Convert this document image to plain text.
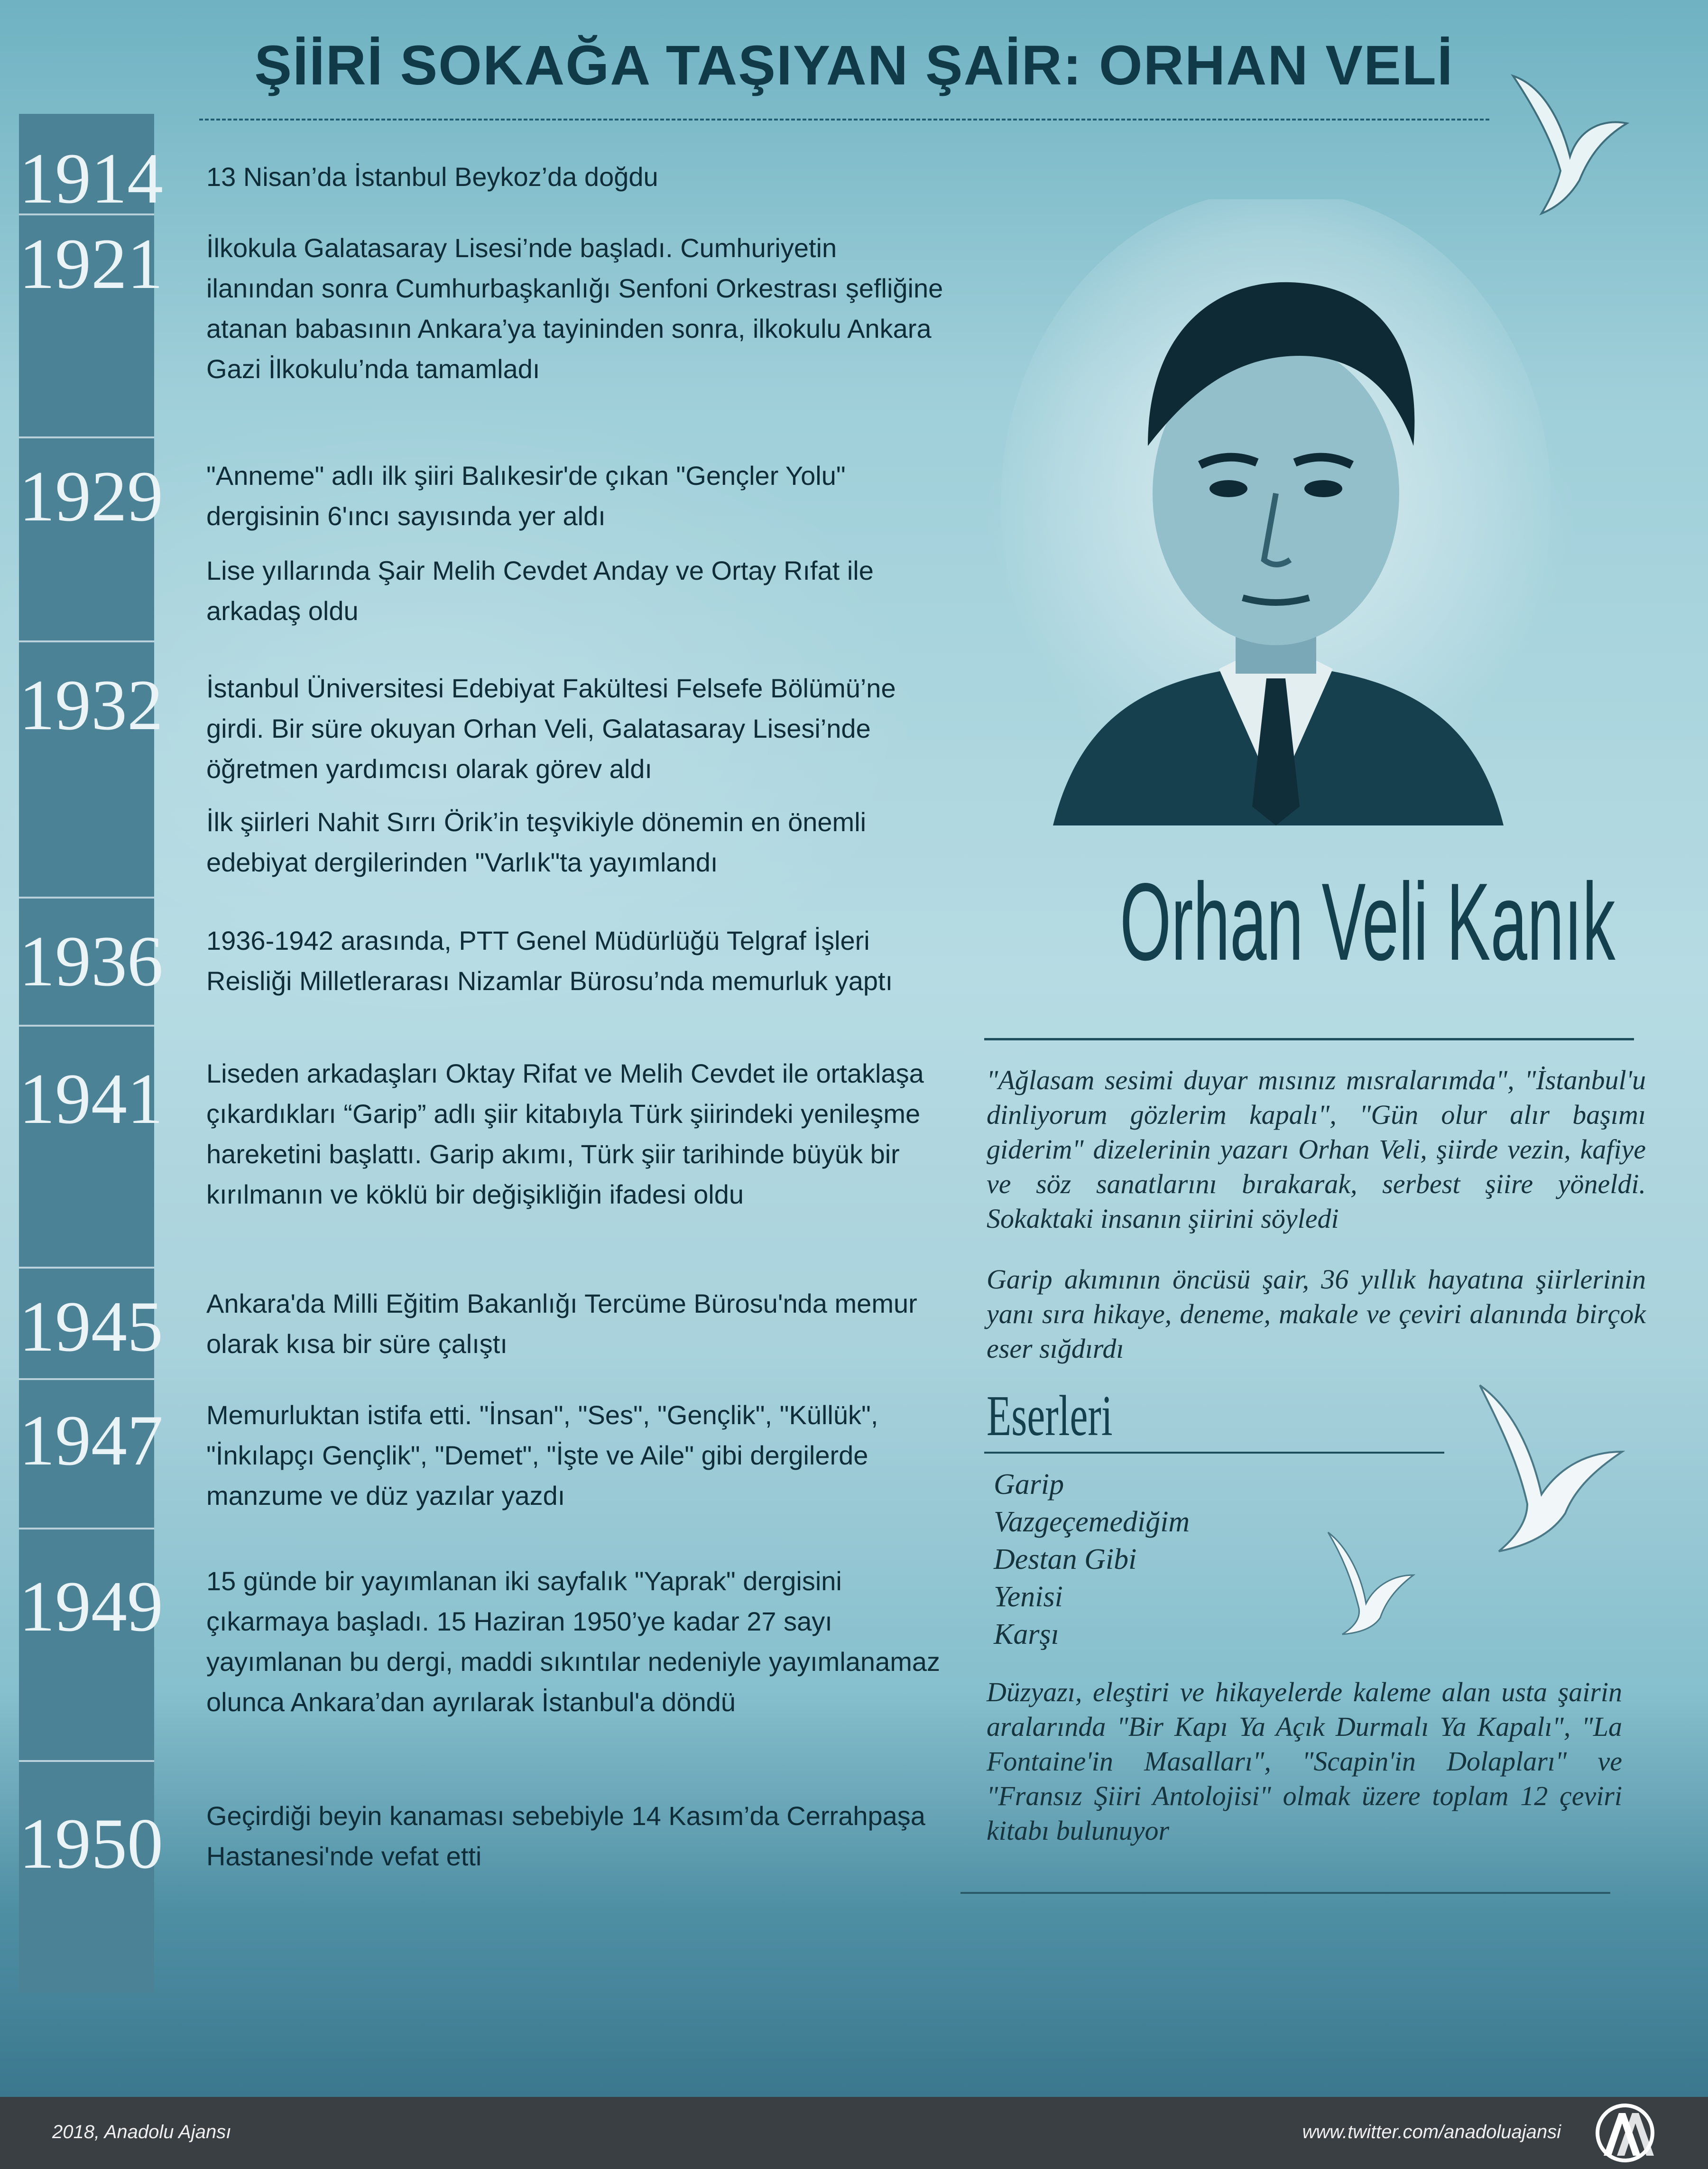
ŞİİRİ SOKAĞA TAŞIYAN ŞAİR: ORHAN VELİ
1914 13 Nisan’da İstanbul Beykoz’da doğdu

1921 İlkokula Galatasaray Lisesi’nde başladı. Cumhuriyetin ilanından sonra Cumhurbaşkanlığı Senfoni Orkestrası şefliğine atanan babasının Ankara’ya tayininden sonra, ilkokulu Ankara Gazi İlkokulu’nda tamamladı

1929 "Anneme" adlı ilk şiiri Balıkesir'de çıkan "Gençler Yolu" dergisinin 6'ıncı sayısında yer aldı

Lise yıllarında Şair Melih Cevdet Anday ve Ortay Rıfat ile arkadaş oldu

1932 İstanbul Üniversitesi Edebiyat Fakültesi Felsefe Bölümü’ne girdi. Bir süre okuyan Orhan Veli, Galatasaray Lisesi’nde öğretmen yardımcısı olarak görev aldı

İlk şiirleri Nahit Sırrı Örik’in teşvikiyle dönemin en önemli edebiyat dergilerinden "Varlık"ta yayımlandı

1936 1936-1942 arasında, PTT Genel Müdürlüğü Telgraf İşleri Reisliği Milletlerarası Nizamlar Bürosu’nda memurluk yaptı

1941 Liseden arkadaşları Oktay Rifat ve Melih Cevdet ile ortaklaşa çıkardıkları “Garip” adlı şiir kitabıyla Türk şiirindeki yenileşme hareketini başlattı. Garip akımı, Türk şiir tarihinde büyük bir kırılmanın ve köklü bir değişikliğin ifadesi oldu

1945 Ankara'da Milli Eğitim Bakanlığı Tercüme Bürosu'nda memur olarak kısa bir süre çalıştı

1947 Memurluktan istifa etti. "İnsan", "Ses", "Gençlik", "Küllük", "İnkılapçı Gençlik", "Demet", "İşte ve Aile" gibi dergilerde manzume ve düz yazılar yazdı

1949 15 günde bir yayımlanan iki sayfalık "Yaprak" dergisini çıkarmaya başladı. 15 Haziran 1950’ye kadar 27 sayı yayımlanan bu dergi, maddi sıkıntılar nedeniyle yayımlanamaz olunca Ankara’dan ayrılarak İstanbul'a döndü

1950 Geçirdiği beyin kanaması sebebiyle 14 Kasım’da Cerrahpaşa Hastanesi'nde vefat etti

Orhan Veli Kanık

"Ağlasam sesimi duyar mısınız mısralarımda", "İstanbul'u dinliyorum gözlerim kapalı", "Gün olur alır başımı giderim" dizelerinin yazarı Orhan Veli, şiirde vezin, kafiye ve söz sanatlarını bırakarak, serbest şiire yöneldi. Sokaktaki insanın şiirini söyledi

Garip akımının öncüsü şair, 36 yıllık hayatına şiirlerinin yanı sıra hikaye, deneme, makale ve çeviri alanında birçok eser sığdırdı

Eserleri
Garip
Vazgeçemediğim
Destan Gibi
Yenisi
Karşı

Düzyazı, eleştiri ve hikayelerde kaleme alan usta şairin aralarında "Bir Kapı Ya Açık Durmalı Ya Kapalı", "La Fontaine'in Masalları", "Scapin'in Dolapları" ve "Fransız Şiiri Antolojisi" olmak üzere toplam 12 çeviri kitabı bulunuyor

2018, Anadolu Ajansı	www.twitter.com/anadoluajansi
